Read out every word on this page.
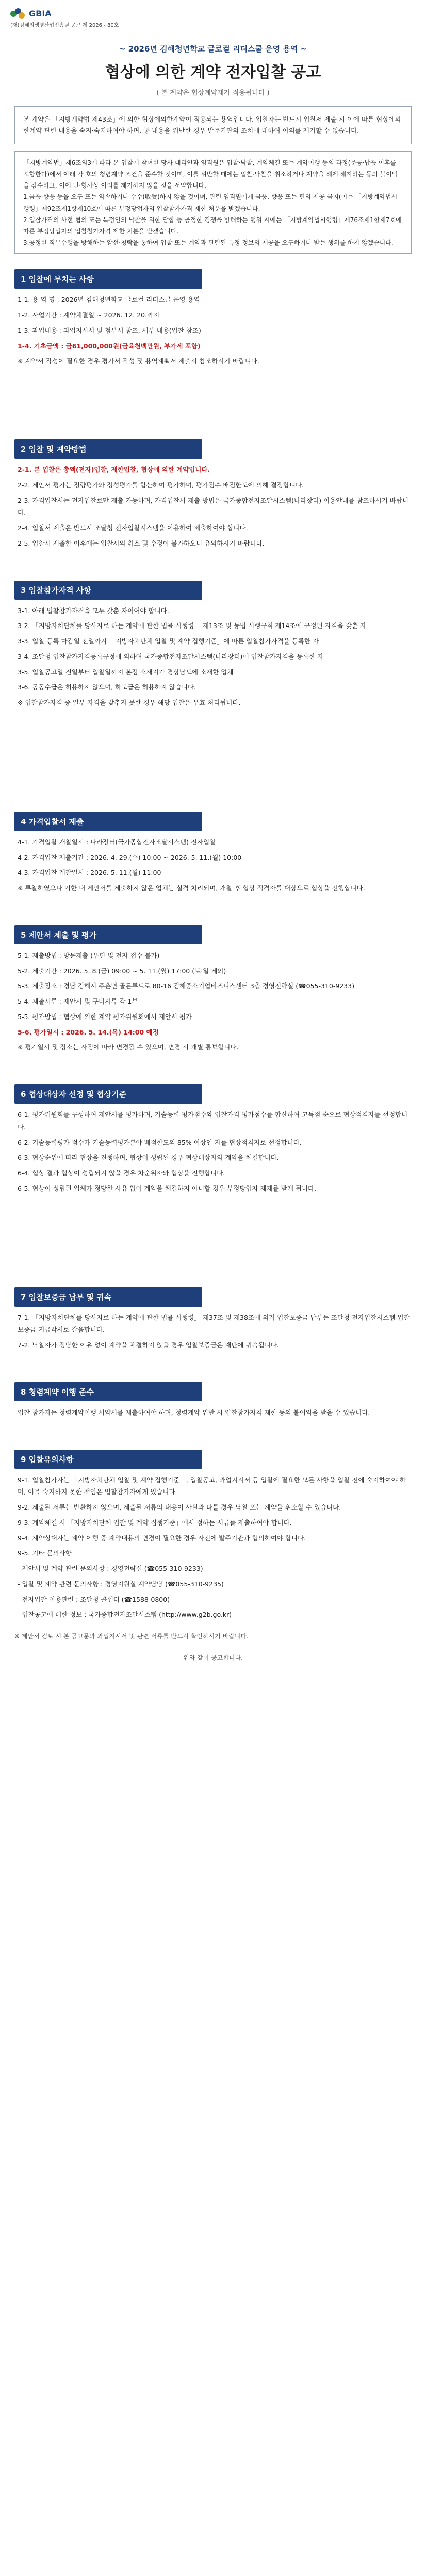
GBIA
(재)김해의생명산업진흥원 공고 제 2026 - 80호
~ 2026년 김해청년학교 글로컬 리더스쿨 운영 용역 ~
협상에 의한 계약 전자입찰 공고
( 본 계약은 협상계약제가 적용됩니다 )
본 계약은 「지방계약법 제43조」에 의한 협상에의한계약이 적용되는 용역입니다. 입찰자는 반드시 입찰서 제출 시 이에 따른 협상에의한계약 관련 내용을 숙지·숙지하여야 하며, 통 내용을 위반한 경우 발주기관의 조치에 대하여 이의를 제기할 수 없습니다.
「지방계약법」제6조의3에 따라 본 입찰에 참여한 당사 대리인과 임직원은 입찰·낙찰, 계약체결 또는 계약이행 등의 과정(준공·납품 이후를 포함한다)에서 아래 각 호의 청렴계약 조건을 준수할 것이며, 이를 위반할 때에는 입찰·낙찰을 취소하거나 계약을 해제·해지하는 등의 불이익을 감수하고, 이에 민·형사상 이의를 제기하지 않을 것을 서약합니다.
1.금품·향응 등을 요구 또는 약속하거나 수수(收受)하지 않을 것이며, 관련 임직원에게 금품, 향응 또는 편의 제공 금지(이는 「지방계약법시행령」제92조제1항제10호에 따른 부정당업자의 입찰참가자격 제한 처분을 받겠습니다.
2.입찰가격의 사전 협의 또는 특정인의 낙찰을 위한 담합 등 공정한 경쟁을 방해하는 행위 시에는 「지방계약법시행령」제76조제1항제7호에 따른 부정당업자의 입찰참가자격 제한 처분을 받겠습니다.
3.공정한 직무수행을 방해하는 알선·청탁을 통하여 입찰 또는 계약과 관련된 특정 정보의 제공을 요구하거나 받는 행위를 하지 않겠습니다.
1 입찰에 부치는 사항
1-1. 용 역 명 : 2026년 김해청년학교 글로컬 리더스쿨 운영 용역
1-2. 사업기간 : 계약체결일 ~ 2026. 12. 20.까지
1-3. 과업내용 : 과업지시서 및 첨부서 참조, 세부 내용(입찰 참조)
1-4. 기초금액 : 금61,000,000원(금육천백만원, 부가세 포함)
※ 계약서 작성이 필요한 경우 평가서 작성 및 용역계획서 제출시 참조하시기 바랍니다.
2 입찰 및 계약방법
2-1. 본 입찰은 총액(전자)입찰, 제한입찰, 협상에 의한 계약입니다.
2-2. 제안서 평가는 정량평가와 정성평가를 합산하여 평가하며, 평가점수 배점한도에 의해 결정합니다.
2-3. 가격입찰서는 전자입찰로만 제출 가능하며, 가격입찰서 제출 방법은 국가종합전자조달시스템(나라장터) 이용안내를 참조하시기 바랍니다.
2-4. 입찰서 제출은 반드시 조달청 전자입찰시스템을 이용하여 제출하여야 합니다.
2-5. 입찰서 제출한 이후에는 입찰서의 취소 및 수정이 불가하오니 유의하시기 바랍니다.
3 입찰참가자격 사항
3-1. 아래 입찰참가자격을 모두 갖춘 자이어야 합니다.
3-2. 「지방자치단체를 당사자로 하는 계약에 관한 법률 시행령」 제13조 및 동법 시행규칙 제14조에 규정된 자격을 갖춘 자
3-3. 입찰 등록 마감일 전일까지 「지방자치단체 입찰 및 계약 집행기준」에 따른 입찰참가자격을 등록한 자
3-4. 조달청 입찰참가자격등록규정에 의하여 국가종합전자조달시스템(나라장터)에 입찰참가자격을 등록한 자
3-5. 입찰공고일 전일부터 입찰일까지 본점 소재지가 경상남도에 소재한 업체
3-6. 공동수급은 허용하지 않으며, 하도급은 허용하지 않습니다.
※ 입찰참가자격 중 일부 자격을 갖추지 못한 경우 해당 입찰은 무효 처리됩니다.
4 가격입찰서 제출
4-1. 가격입찰 개찰일시 : 나라장터(국가종합전자조달시스템) 전자입찰
4-2. 가격입찰 제출기간 : 2026. 4. 29.(수) 10:00 ~ 2026. 5. 11.(월) 10:00
4-3. 가격입찰 개찰일시 : 2026. 5. 11.(월) 11:00
※ 투찰하였으나 기한 내 제안서를 제출하지 않은 업체는 실격 처리되며, 개찰 후 협상 적격자를 대상으로 협상을 진행합니다.
5 제안서 제출 및 평가
5-1. 제출방법 : 방문제출 (우편 및 전자 접수 불가)
5-2. 제출기간 : 2026. 5. 8.(금) 09:00 ~ 5. 11.(월) 17:00 (토·일 제외)
5-3. 제출장소 : 경남 김해시 주촌면 골든루트로 80-16 김해중소기업비즈니스센터 3층 경영전략실 (☎055-310-9233)
5-4. 제출서류 : 제안서 및 구비서류 각 1부
5-5. 평가방법 : 협상에 의한 계약 평가위원회에서 제안서 평가
5-6. 평가일시 : 2026. 5. 14.(목) 14:00 예정
※ 평가일시 및 장소는 사정에 따라 변경될 수 있으며, 변경 시 개별 통보합니다.
6 협상대상자 선정 및 협상기준
6-1. 평가위원회를 구성하여 제안서를 평가하며, 기술능력 평가점수와 입찰가격 평가점수를 합산하여 고득점 순으로 협상적격자를 선정합니다.
6-2. 기술능력평가 점수가 기술능력평가분야 배점한도의 85% 이상인 자를 협상적격자로 선정합니다.
6-3. 협상순위에 따라 협상을 진행하며, 협상이 성립된 경우 협상대상자와 계약을 체결합니다.
6-4. 협상 결과 협상이 성립되지 않을 경우 차순위자와 협상을 진행합니다.
6-5. 협상이 성립된 업체가 정당한 사유 없이 계약을 체결하지 아니할 경우 부정당업자 제재를 받게 됩니다.
7 입찰보증금 납부 및 귀속
7-1. 「지방자치단체를 당사자로 하는 계약에 관한 법률 시행령」 제37조 및 제38조에 의거 입찰보증금 납부는 조달청 전자입찰시스템 입찰보증금 지급각서로 갈음합니다.
7-2. 낙찰자가 정당한 이유 없이 계약을 체결하지 않을 경우 입찰보증금은 재단에 귀속됩니다.
8 청렴계약 이행 준수
입찰 참가자는 청렴계약이행 서약서를 제출하여야 하며, 청렴계약 위반 시 입찰참가자격 제한 등의 불이익을 받을 수 있습니다.
9 입찰유의사항
9-1. 입찰참가자는 「지방자치단체 입찰 및 계약 집행기준」, 입찰공고, 과업지시서 등 입찰에 필요한 모든 사항을 입찰 전에 숙지하여야 하며, 이를 숙지하지 못한 책임은 입찰참가자에게 있습니다.
9-2. 제출된 서류는 반환하지 않으며, 제출된 서류의 내용이 사실과 다를 경우 낙찰 또는 계약을 취소할 수 있습니다.
9-3. 계약체결 시 「지방자치단체 입찰 및 계약 집행기준」에서 정하는 서류를 제출하여야 합니다.
9-4. 계약상대자는 계약 이행 중 계약내용의 변경이 필요한 경우 사전에 발주기관과 협의하여야 합니다.
9-5. 기타 문의사항
- 제안서 및 계약 관련 문의사항 : 경영전략실 (☎055-310-9233)
- 입찰 및 계약 관련 문의사항 : 경영지원실 계약담당 (☎055-310-9235)
- 전자입찰 이용관련 : 조달청 콜센터 (☎1588-0800)
- 입찰공고에 대한 정보 : 국가종합전자조달시스템 (http://www.g2b.go.kr)
※ 제안서 검토 시 본 공고문과 과업지시서 및 관련 서류를 반드시 확인하시기 바랍니다.
위와 같이 공고합니다.
